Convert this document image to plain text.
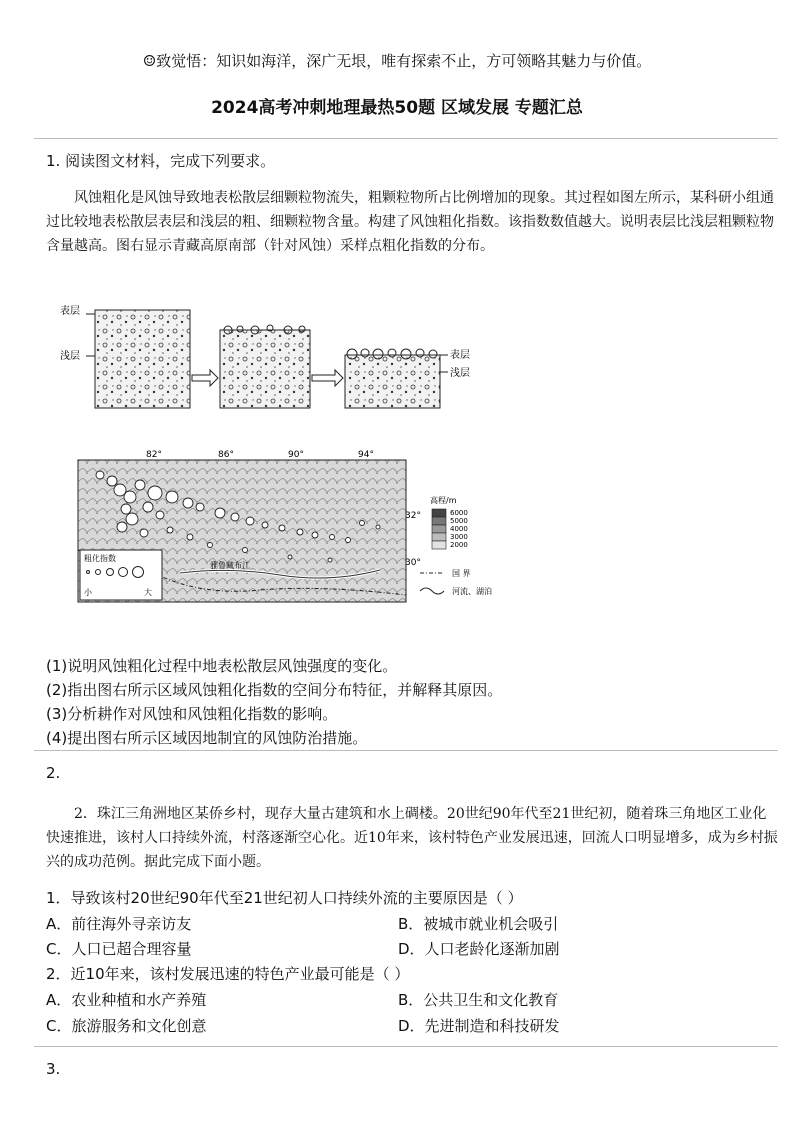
☺致觉悟：知识如海洋，深广无垠，唯有探索不止，方可领略其魅力与价值。
2024高考冲刺地理最热50题 区域发展 专题汇总
1. 阅读图文材料，完成下列要求。
风蚀粗化是风蚀导致地表松散层细颗粒物流失，粗颗粒物所占比例增加的现象。其过程如图左所示，某科研小组通过比较地表松散层表层和浅层的粗、细颗粒物含量。构建了风蚀粗化指数。该指数数值越大。说明表层比浅层粗颗粒物含量越高。图右显示青藏高原南部（针对风蚀）采样点粗化指数的分布。
表层
浅层	表层
浅层
82°	86°	90°	94°
32°
30°
雅鲁藏布江
粗化指数
小	大
高程/m
6000
5000
4000
3000
2000
国 界
河流、湖泊
(1)说明风蚀粗化过程中地表松散层风蚀强度的变化。
(2)指出图右所示区域风蚀粗化指数的空间分布特征，并解释其原因。
(3)分析耕作对风蚀和风蚀粗化指数的影响。
(4)提出图右所示区域因地制宜的风蚀防治措施。
2.
2．珠江三角洲地区某侨乡村，现存大量古建筑和水上碉楼。20世纪90年代至21世纪初，随着珠三角地区工业化快速推进，该村人口持续外流，村落逐渐空心化。近10年来，该村特色产业发展迅速，回流人口明显增多，成为乡村振兴的成功范例。据此完成下面小题。
1．导致该村20世纪90年代至21世纪初人口持续外流的主要原因是（ ）
A．前往海外寻亲访友	B．被城市就业机会吸引
C．人口已超合理容量	D．人口老龄化逐渐加剧
2．近10年来，该村发展迅速的特色产业最可能是（ ）
A．农业种植和水产养殖	B．公共卫生和文化教育
C．旅游服务和文化创意	D．先进制造和科技研发
3.
